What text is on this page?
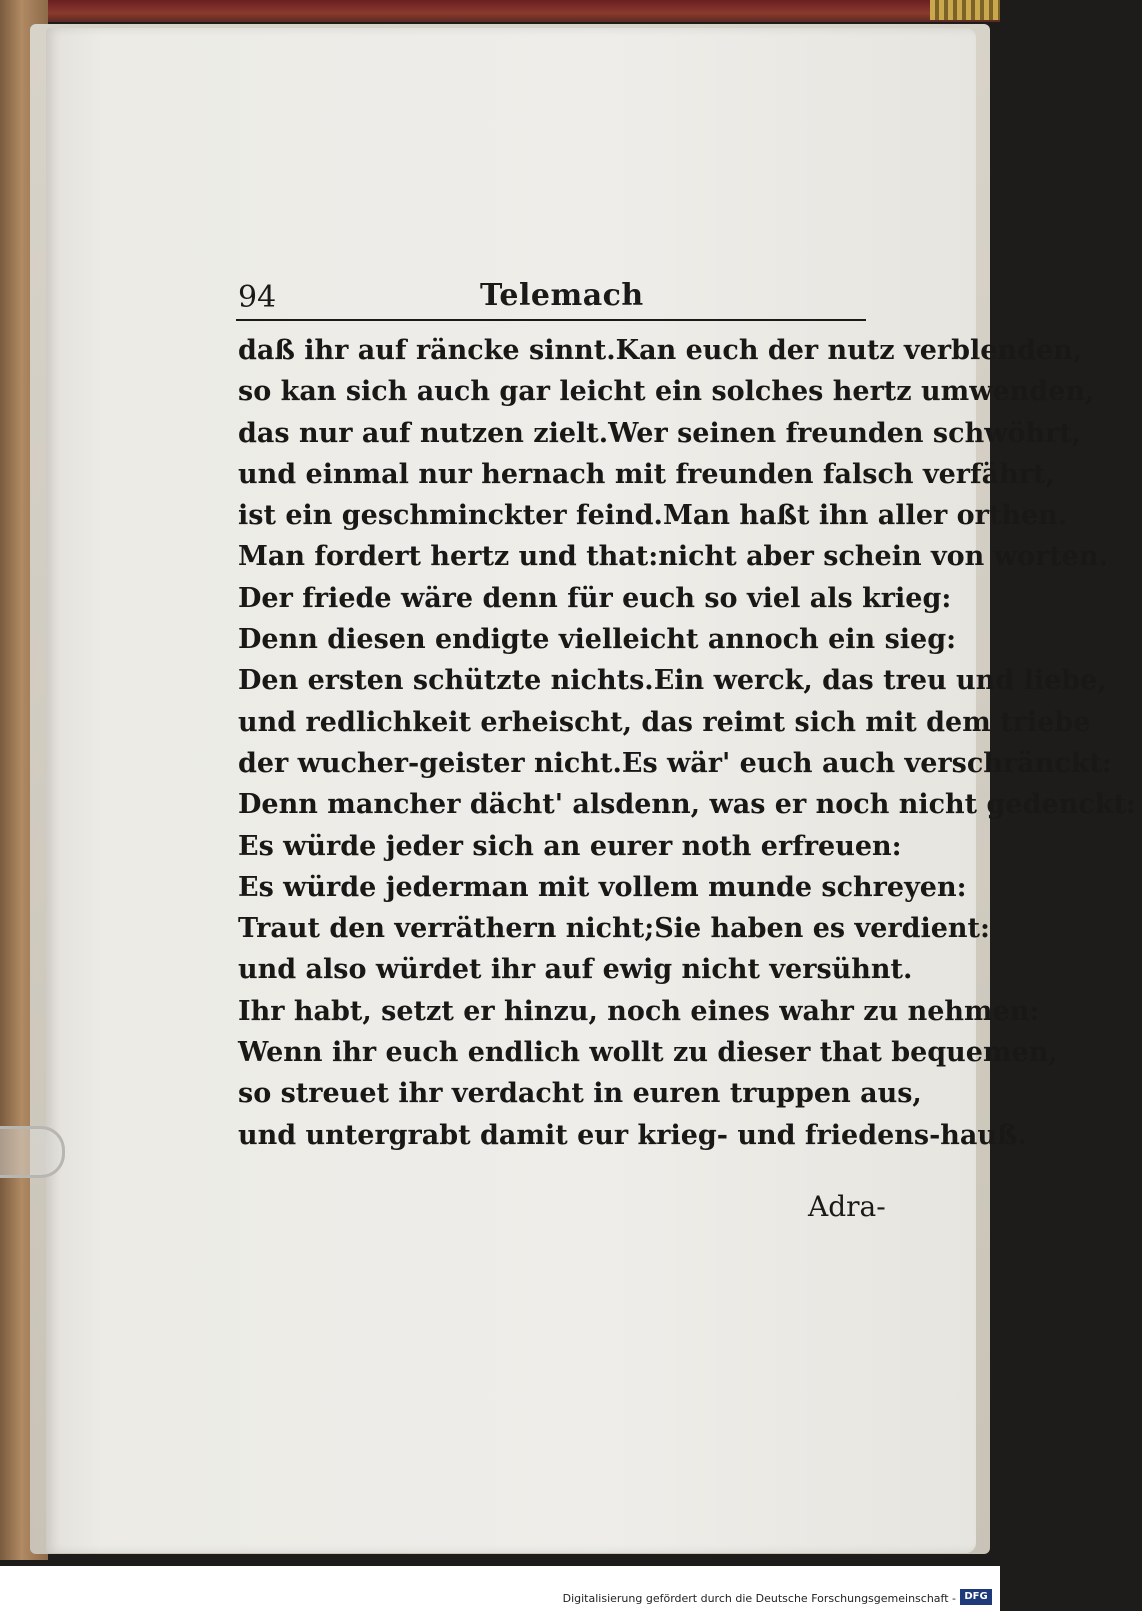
94	Telemach
daß ihr auf räncke sinnt. Kan euch der nutz verblenden,
so kan sich auch gar leicht ein solches hertz umwenden,
das nur auf nutzen zielt. Wer seinen freunden schwöhrt,
und einmal nur hernach mit freunden falsch verfährt,
ist ein geschminckter feind. Man haßt ihn aller orthen.
Man fordert hertz und that: nicht aber schein von worten.
Der friede wäre denn für euch so viel als krieg:
Denn diesen endigte vielleicht annoch ein sieg:
Den ersten schützte nichts. Ein werck, das treu und liebe,
und redlichkeit erheischt, das reimt sich mit dem triebe
der wucher-geister nicht. Es wär' euch auch verschränckt:
Denn mancher dächt' alsdenn, was er noch nicht gedenckt:
Es würde jeder sich an eurer noth erfreuen:
Es würde jederman mit vollem munde schreyen:
Traut den verräthern nicht; Sie haben es verdient:
und also würdet ihr auf ewig nicht versühnt.
Ihr habt, setzt er hinzu, noch eines wahr zu nehmen:
Wenn ihr euch endlich wollt zu dieser that bequemen,
so streuet ihr verdacht in euren truppen aus,
und untergrabt damit eur krieg- und friedens-hauß.
Adra-
Digitalisierung gefördert durch die Deutsche Forschungsgemeinschaft - DFG
